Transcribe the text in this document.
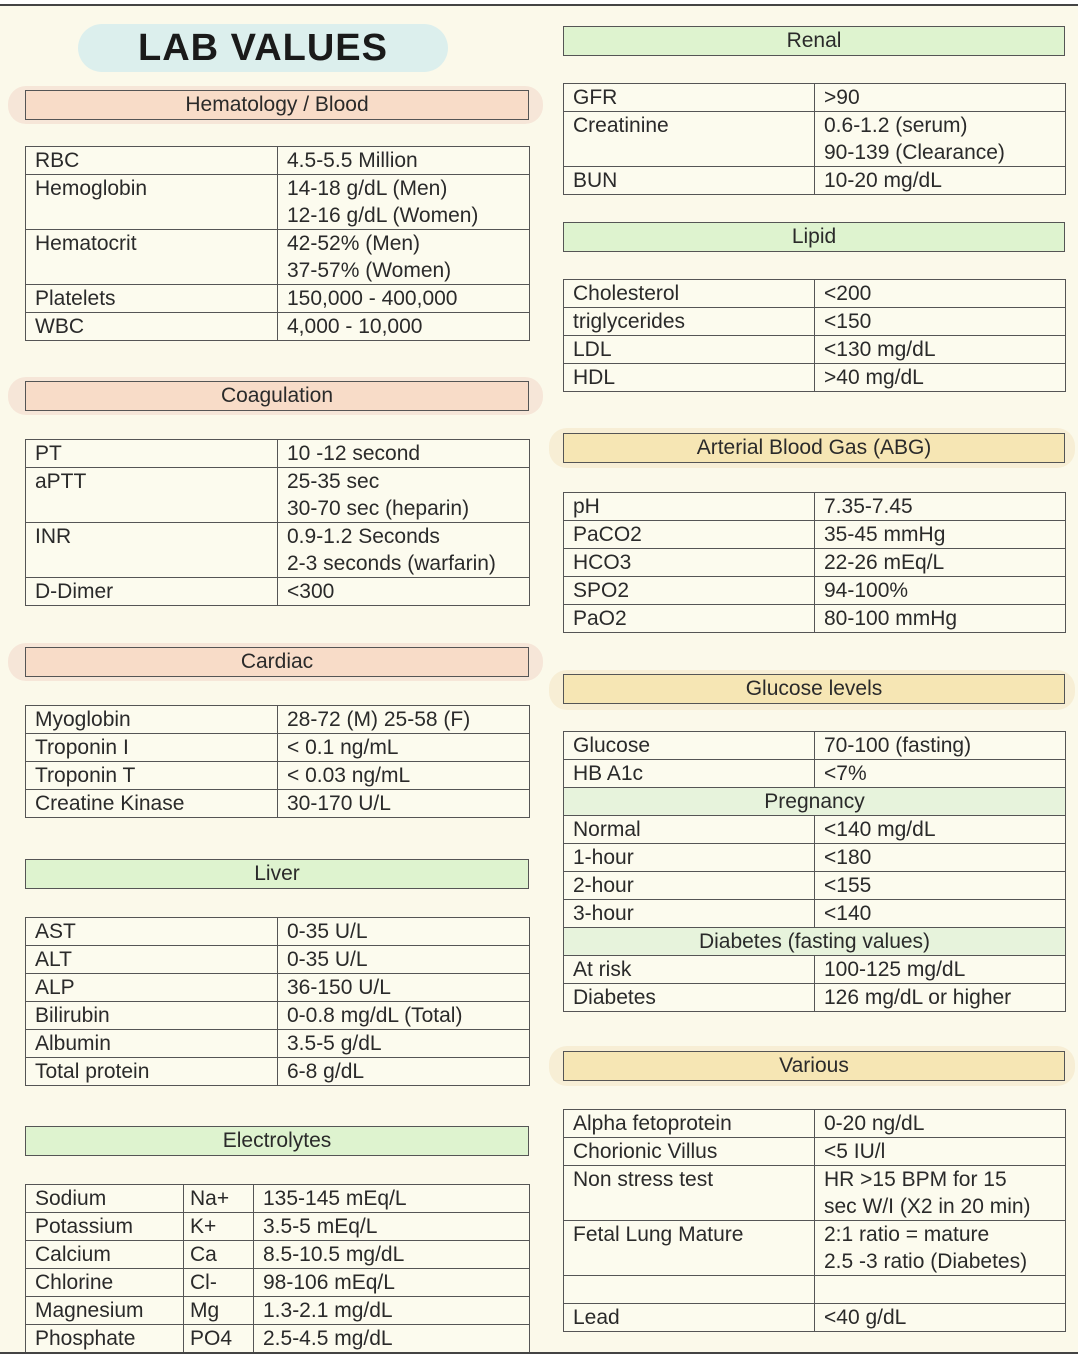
LAB VALUES
Hematology / Blood
RBC	4.5-5.5 Million

Hemoglobin	14-18 g/dL (Men)
12-16 g/dL (Women)

Hematocrit	42-52% (Men)
37-57% (Women)

Platelets	150,000 - 400,000

WBC	4,000 - 10,000
Coagulation
PT	10 -12 second

aPTT	25-35 sec
30-70 sec (heparin)

INR	0.9-1.2 Seconds
2-3 seconds (warfarin)

D-Dimer	<300
Cardiac
Myoglobin	28-72 (M) 25-58 (F)

Troponin I	< 0.1 ng/mL

Troponin T	< 0.03 ng/mL

Creatine Kinase	30-170 U/L
Liver
AST	0-35 U/L

ALT	0-35 U/L

ALP	36-150 U/L

Bilirubin	0-0.8 mg/dL (Total)

Albumin	3.5-5 g/dL

Total protein	6-8 g/dL
Electrolytes
Sodium	Na+	135-145 mEq/L
Potassium	K+	3.5-5 mEq/L
Calcium	Ca	8.5-10.5 mg/dL
Chlorine	Cl-	98-106 mEq/L
Magnesium	Mg	1.3-2.1 mg/dL
Phosphate	PO4	2.5-4.5 mg/dL
Renal
GFR	>90

Creatinine	0.6-1.2 (serum)
90-139 (Clearance)

BUN	10-20 mg/dL
Lipid
Cholesterol	<200

triglycerides	<150

LDL	<130 mg/dL

HDL	>40 mg/dL
Arterial Blood Gas (ABG)
pH	7.35-7.45

PaCO2	35-45 mmHg

HCO3	22-26 mEq/L

SPO2	94-100%

PaO2	80-100 mmHg
Glucose levels
Glucose	70-100 (fasting)

HB A1c	<7%

Pregnancy	
Normal	<140 mg/dL

1-hour	<180

2-hour	<155

3-hour	<140

Diabetes (fasting values)	
At risk	100-125 mg/dL

Diabetes	126 mg/dL or higher
Various
Alpha fetoprotein	0-20 ng/dL

Chorionic Villus	<5 IU/l

Non stress test	HR >15 BPM for 15
sec W/I (X2 in 20 min)

Fetal Lung Mature	2:1 ratio = mature
2.5 -3 ratio (Diabetes)

Lead	<40 g/dL
